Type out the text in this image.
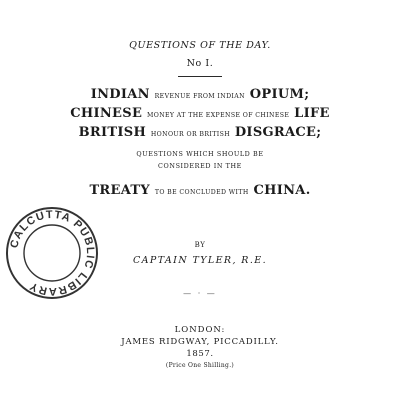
QUESTIONS OF THE DAY.
No I.
INDIAN REVENUE FROM INDIAN OPIUM;
CHINESE MONEY AT THE EXPENSE OF CHINESE LIFE
BRITISH HONOUR OR BRITISH DISGRACE;
QUESTIONS WHICH SHOULD BE
CONSIDERED IN THE
TREATY TO BE CONCLUDED WITH CHINA.
BY
CAPTAIN TYLER, R.E.
— · —
LONDON:
JAMES RIDGWAY, PICCADILLY.
1857.
(Price One Shilling.)
CALCUTTA PUBLIC LIBRARY
